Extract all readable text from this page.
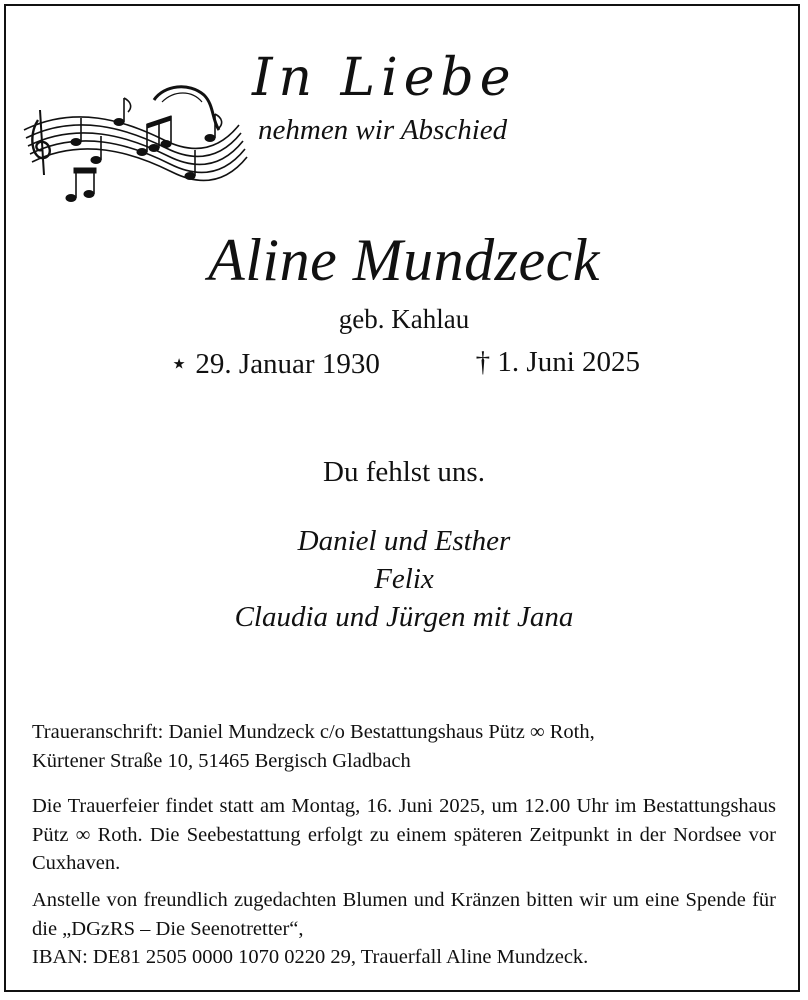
In Liebe
nehmen wir Abschied
Aline Mundzeck
geb. Kahlau
⋆ 29. Januar 1930	† 1. Juni 2025
Du fehlst uns.
Daniel und Esther
Felix
Claudia und Jürgen mit Jana

Traueranschrift: Daniel Mundzeck c/o Bestattungshaus Pütz ∞ Roth,

Kürtener Straße 10, 51465 Bergisch Gladbach

Die Trauerfeier findet statt am Montag, 16. Juni 2025, um 12.00 Uhr im Bestattungshaus Pütz ∞ Roth. Die Seebestattung erfolgt zu einem späteren Zeitpunkt in der Nordsee vor Cuxhaven.

Anstelle von freundlich zugedachten Blumen und Kränzen bitten wir um eine Spende für die „DGzRS – Die Seenotretter“,

IBAN: DE81 2505 0000 1070 0220 29, Trauerfall Aline Mundzeck.
